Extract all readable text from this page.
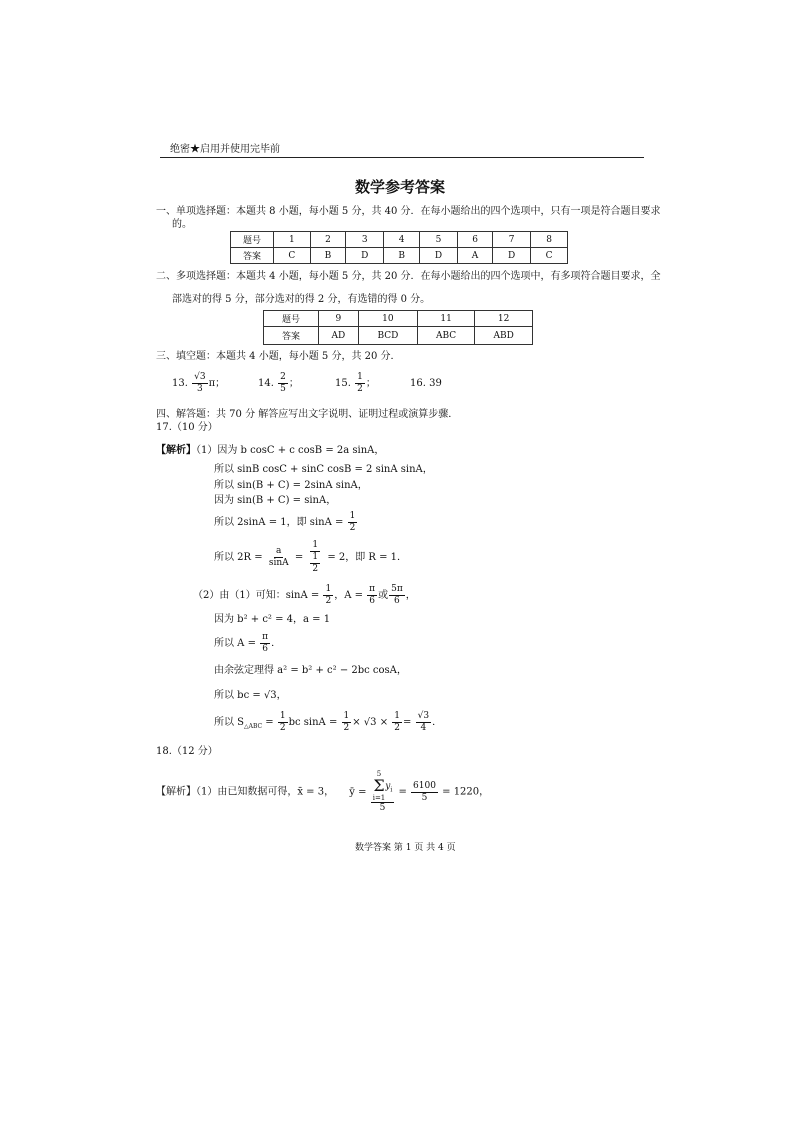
绝密★启用并使用完毕前
数学参考答案
一、单项选择题：本题共 8 小题，每小题 5 分，共 40 分．在每小题给出的四个选项中，只有一项是符合题目要求
的。
题号	1	2	3	4	5	6	7	8
答案	C	B	D	B	D	A	D	C
二、多项选择题：本题共 4 小题，每小题 5 分，共 20 分．在每小题给出的四个选项中，有多项符合题目要求，全
部选对的得 5 分，部分选对的得 2 分，有选错的得 0 分。
题号	9	10	11	12
答案	AD	BCD	ABC	ABD
三、填空题：本题共 4 小题，每小题 5 分，共 20 分．
13. $\frac{√3}{3}$ π；	14. $\frac{2}{5}$ ；	15. $\frac{1}{2}$ ；	16. 39
四、解答题：共 70 分 解答应写出文字说明、证明过程或演算步骤．
17.（10 分）
【解析】（1）因为 b cosC + c cosB = 2a sinA，
所以 sinB cosC + sinC cosB = 2 sinA sinA，
所以 sin(B + C) = 2sinA sinA，
因为 sin(B + C) = sinA，
所以 2sinA = 1，即 $\sin A = \frac{1}{2}$
所以 $2R = \frac{a}{\sin A} = \frac{1}{\frac{1}{2}} = 2$，即 R = 1．
（2）由（1）可知：$\sin A = \frac{1}{2}$ ，$A = \frac{\pi}{6}$ 或 $\frac{5\pi}{6}$ ，
因为 b² + c² = 4，a = 1
所以 $A = \frac{\pi}{6}$ ．
由余弦定理得 a² = b² + c² − 2bc cosA，
所以 bc = √3，
所以 $S_{\triangle ABC} = \frac{1}{2}$ bc $\sin A = \frac{1}{2} \times √3 \times \frac{1}{2} = \frac{√3}{4}$ ．
18.（12 分）
【解析】（1）由已知数据可得，x̄ = 3， ȳ = 5
Σ
i=1
$y_i$
$5 = \frac{6100}{5} = 1220$，
数学答案 第 1 页 共 4 页
